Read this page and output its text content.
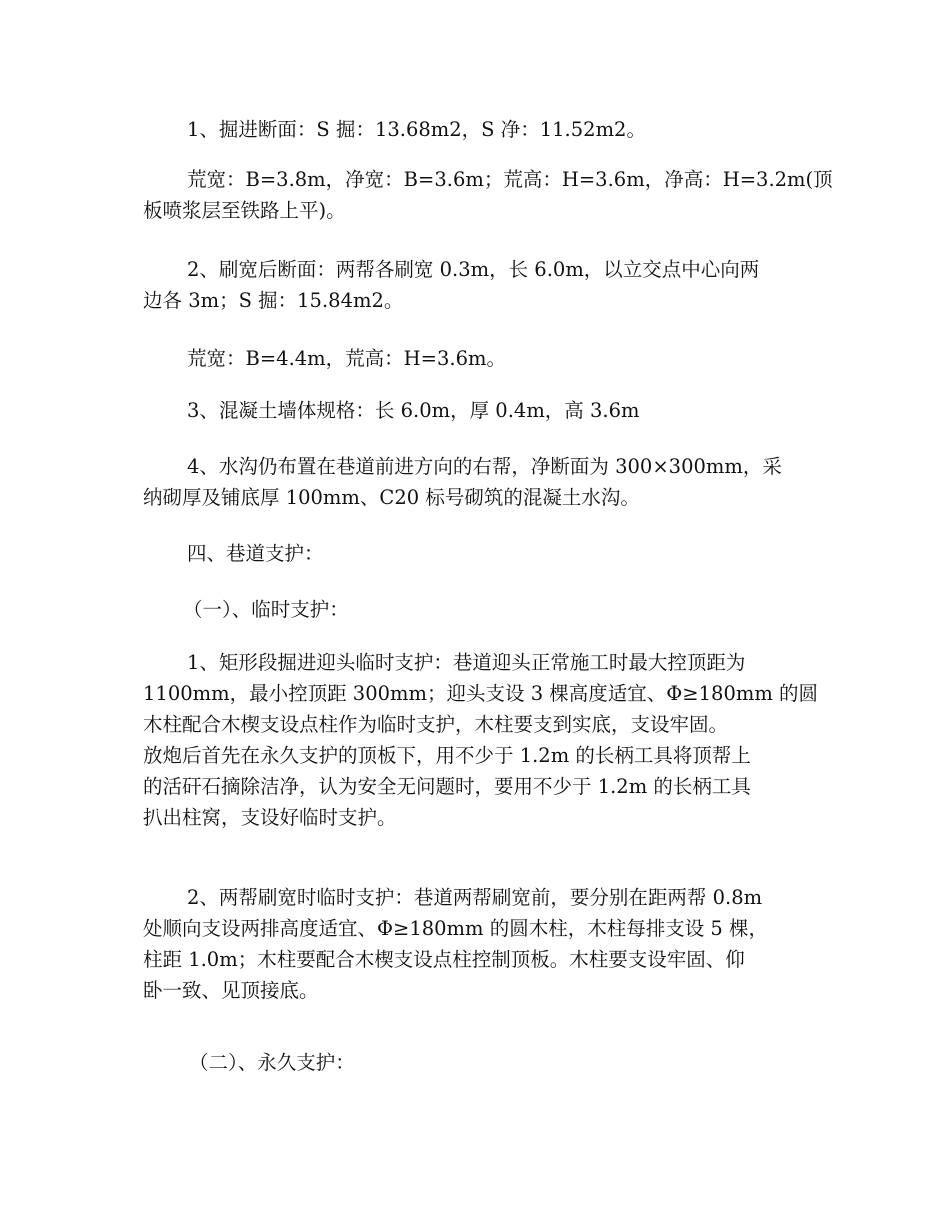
1、掘进断面：S 掘：13.68m2，S 净：11.52m2。

荒宽：B=3.8m，净宽：B=3.6m；荒高：H=3.6m，净高：H=3.2m(顶
板喷浆层至铁路上平)。

2、刷宽后断面：两帮各刷宽 0.3m，长 6.0m，以立交点中心向两
边各 3m；S 掘：15.84m2。

荒宽：B=4.4m，荒高：H=3.6m。

3、混凝土墙体规格：长 6.0m，厚 0.4m，高 3.6m

4、水沟仍布置在巷道前进方向的右帮，净断面为 300×300mm，采
纳砌厚及铺底厚 100mm、C20 标号砌筑的混凝土水沟。

四、巷道支护：

（一）、临时支护：

1、矩形段掘进迎头临时支护：巷道迎头正常施工时最大控顶距为
1100mm，最小控顶距 300mm；迎头支设 3 棵高度适宜、Φ≥180mm 的圆
木柱配合木楔支设点柱作为临时支护，木柱要支到实底，支设牢固。
放炮后首先在永久支护的顶板下，用不少于 1.2m 的长柄工具将顶帮上
的活矸石摘除洁净，认为安全无问题时，要用不少于 1.2m 的长柄工具
扒出柱窝，支设好临时支护。

2、两帮刷宽时临时支护：巷道两帮刷宽前，要分别在距两帮 0.8m
处顺向支设两排高度适宜、Φ≥180mm 的圆木柱，木柱每排支设 5 棵，
柱距 1.0m；木柱要配合木楔支设点柱控制顶板。木柱要支设牢固、仰
卧一致、见顶接底。

（二）、永久支护：
